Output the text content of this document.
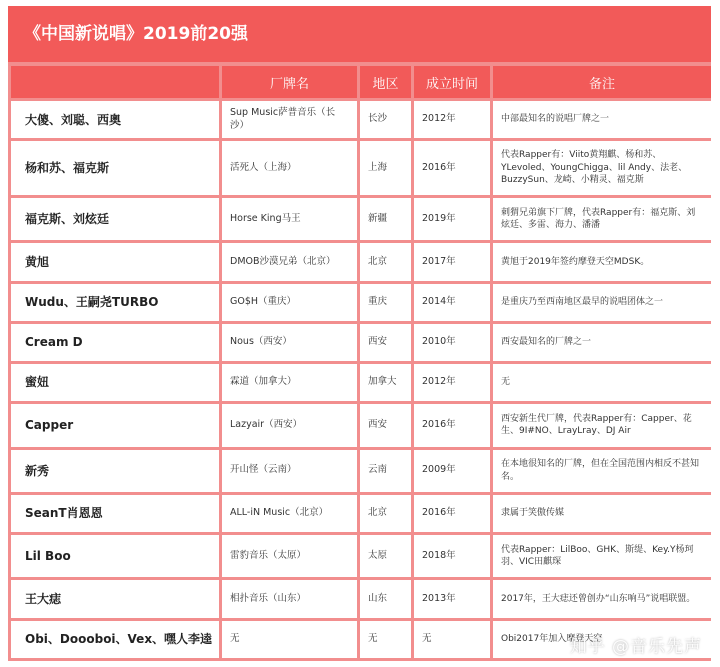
《中国新说唱》2019前20强
	厂牌名	地区	成立时间	备注
大傻、刘聪、西奥	Sup Music萨普音乐（长沙）	长沙	2012年	中部最知名的说唱厂牌之一
杨和苏、福克斯	活死人（上海）	上海	2016年	代表Rapper有：Viito黄翔麒、杨和苏、YLevoled、YoungChigga、lil Andy、法老、BuzzySun、龙崎、小精灵、福克斯
福克斯、刘炫廷	Horse King马王	新疆	2019年	刺猬兄弟旗下厂牌，代表Rapper有：福克斯、刘炫廷、多雷、海力、潘潘
黄旭	DMOB沙漠兄弟（北京）	北京	2017年	黄旭于2019年签约摩登天空MDSK。
Wudu、王嗣尧TURBO	GO$H（重庆）	重庆	2014年	是重庆乃至西南地区最早的说唱团体之一
Cream D	Nous（西安）	西安	2010年	西安最知名的厂牌之一
蜜妞	霖道（加拿大）	加拿大	2012年	无
Capper	Lazyair（西安）	西安	2016年	西安新生代厂牌，代表Rapper有：Capper、花生、9I#NO、LrayLray、DJ Air
新秀	开山怪（云南）	云南	2009年	在本地很知名的厂牌，但在全国范围内相反不甚知名。
SeanT肖恩恩	ALL-iN Music（北京）	北京	2016年	隶属于笑傲传媒
Lil Boo	雷豹音乐（太原）	太原	2018年	代表Rapper：LilBoo、GHK、斯缇、Key.Y杨珂羽、VIC田麒琛
王大痣	相扑音乐（山东）	山东	2013年	2017年，王大痣还曾创办“山东响马”说唱联盟。
Obi、Doooboi、Vex、嘿人李逵	无	无	无	Obi2017年加入摩登天空
知乎 @音乐先声
